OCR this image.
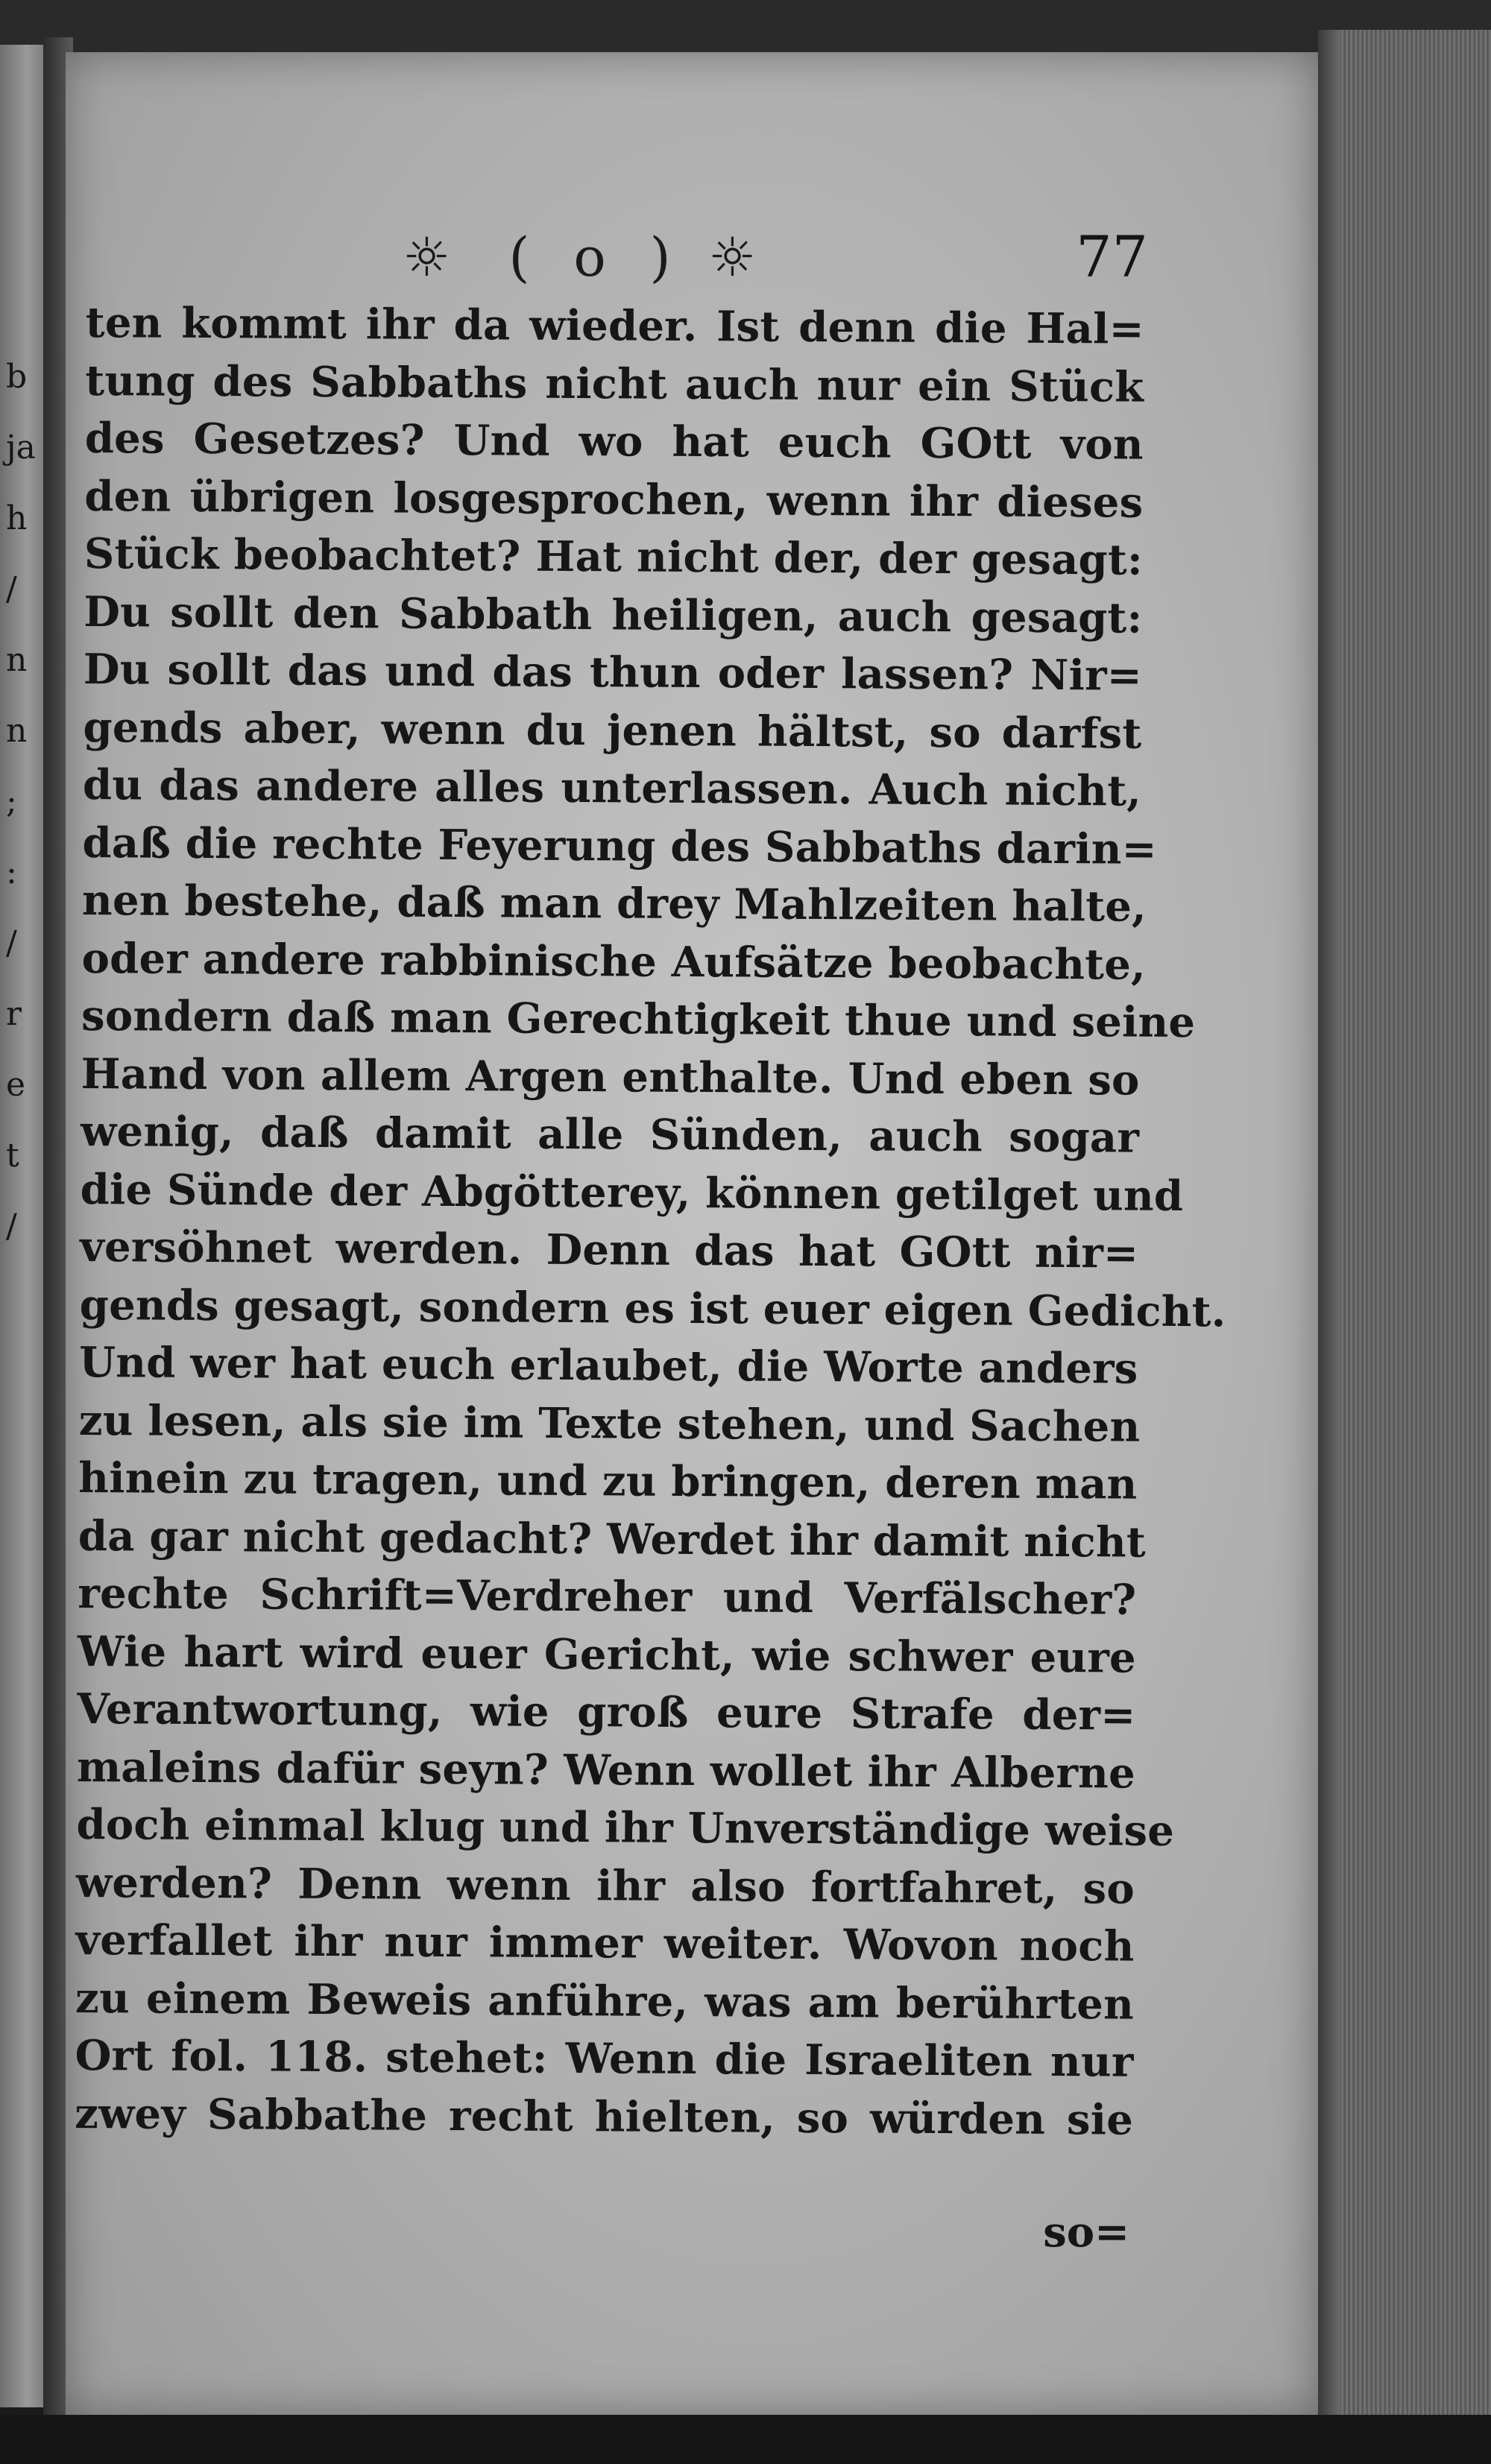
b
ja
h
/
n
n
;
:
/
r
e
t
/
☼	( o ) ☼	77
ten kommt ihr da wieder. Ist denn die Hal=
tung des Sabbaths nicht auch nur ein Stück
des Gesetzes? Und wo hat euch GOtt von
den übrigen losgesprochen, wenn ihr dieses
Stück beobachtet? Hat nicht der, der gesagt:
Du sollt den Sabbath heiligen, auch gesagt:
Du sollt das und das thun oder lassen? Nir=
gends aber, wenn du jenen hältst, so darfst
du das andere alles unterlassen. Auch nicht,
daß die rechte Feyerung des Sabbaths darin=
nen bestehe, daß man drey Mahlzeiten halte,
oder andere rabbinische Aufsätze beobachte,
sondern daß man Gerechtigkeit thue und seine
Hand von allem Argen enthalte. Und eben so
wenig, daß damit alle Sünden, auch sogar
die Sünde der Abgötterey, können getilget und
versöhnet werden. Denn das hat GOtt nir=
gends gesagt, sondern es ist euer eigen Gedicht.
Und wer hat euch erlaubet, die Worte anders
zu lesen, als sie im Texte stehen, und Sachen
hinein zu tragen, und zu bringen, deren man
da gar nicht gedacht? Werdet ihr damit nicht
rechte Schrift=Verdreher und Verfälscher?
Wie hart wird euer Gericht, wie schwer eure
Verantwortung, wie groß eure Strafe der=
maleins dafür seyn? Wenn wollet ihr Alberne
doch einmal klug und ihr Unverständige weise
werden? Denn wenn ihr also fortfahret, so
verfallet ihr nur immer weiter. Wovon noch
zu einem Beweis anführe, was am berührten
Ort fol. 118. stehet: Wenn die Israeliten nur
zwey Sabbathe recht hielten, so würden sie
so=
